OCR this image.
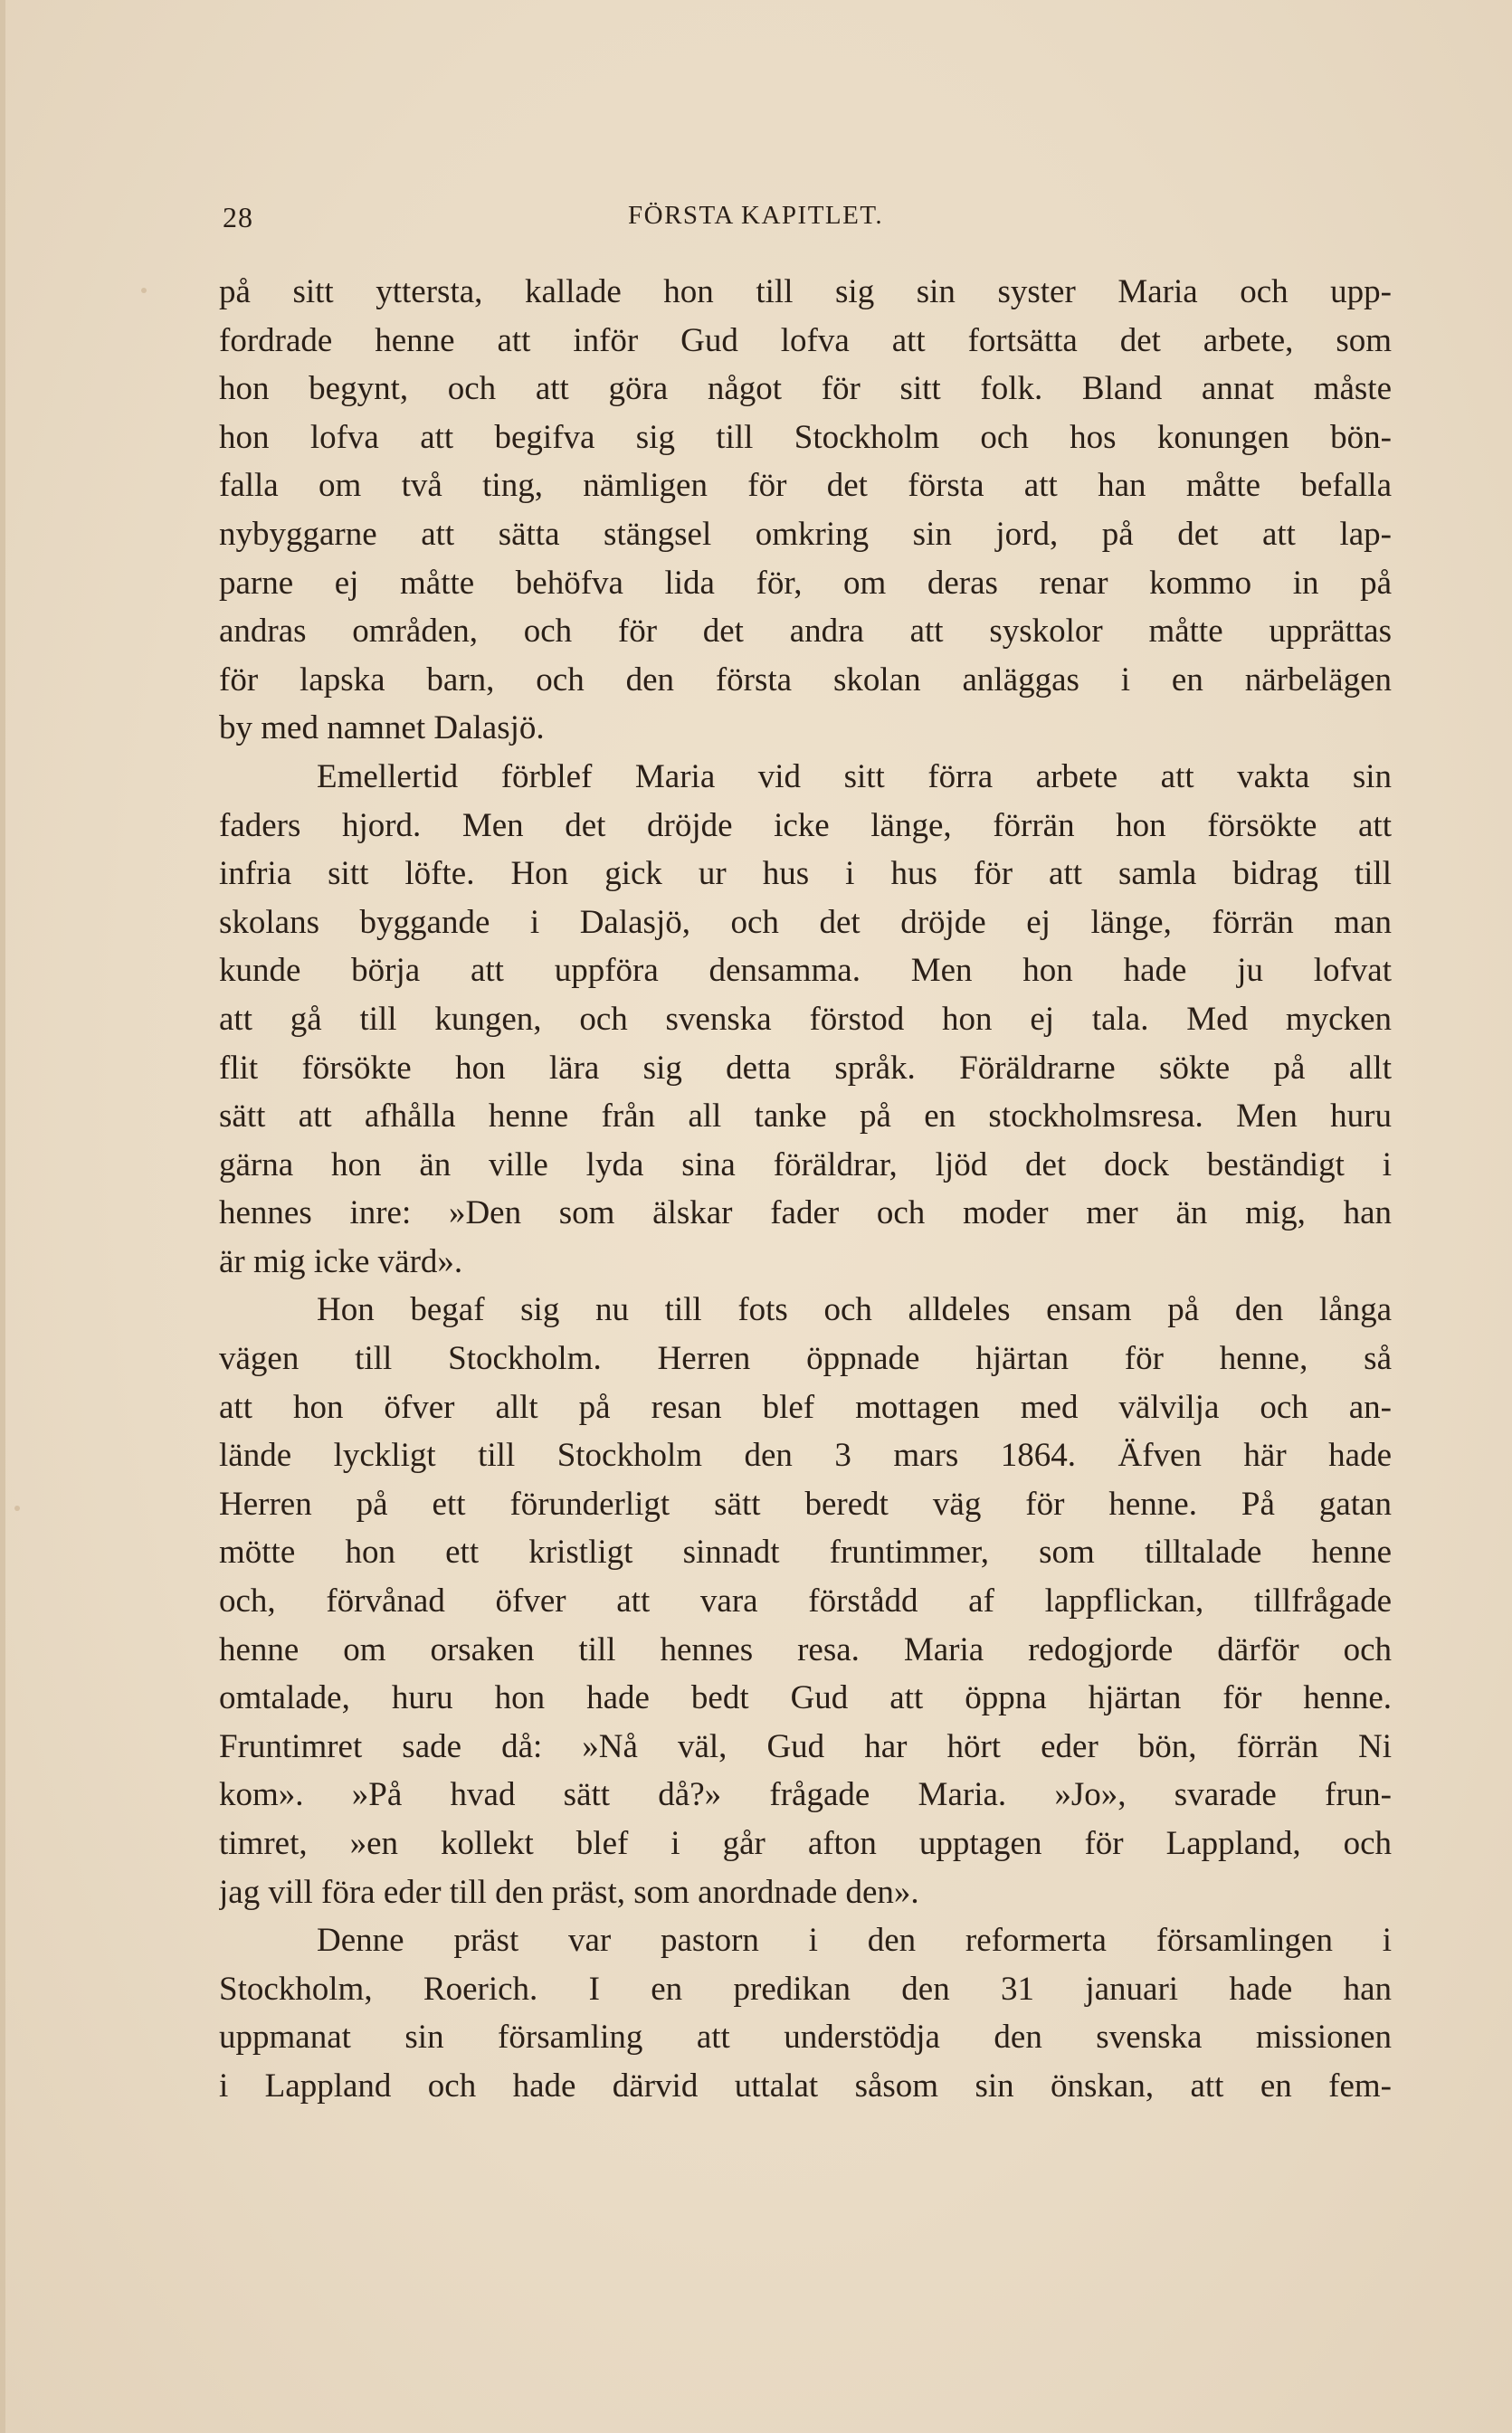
28	FÖRSTA KAPITLET.
på sitt yttersta, kallade hon till sig sin syster Maria och upp-
fordrade henne att inför Gud lofva att fortsätta det arbete, som
hon begynt, och att göra något för sitt folk. Bland annat måste
hon lofva att begifva sig till Stockholm och hos konungen bön-
falla om två ting, nämligen för det första att han måtte befalla
nybyggarne att sätta stängsel omkring sin jord, på det att lap-
parne ej måtte behöfva lida för, om deras renar kommo in på
andras områden, och för det andra att syskolor måtte upprättas
för lapska barn, och den första skolan anläggas i en närbelägen
by med namnet Dalasjö.
Emellertid förblef Maria vid sitt förra arbete att vakta sin
faders hjord. Men det dröjde icke länge, förrän hon försökte att
infria sitt löfte. Hon gick ur hus i hus för att samla bidrag till
skolans byggande i Dalasjö, och det dröjde ej länge, förrän man
kunde börja att uppföra densamma. Men hon hade ju lofvat
att gå till kungen, och svenska förstod hon ej tala. Med mycken
flit försökte hon lära sig detta språk. Föräldrarne sökte på allt
sätt att afhålla henne från all tanke på en stockholmsresa. Men huru
gärna hon än ville lyda sina föräldrar, ljöd det dock beständigt i
hennes inre: »Den som älskar fader och moder mer än mig, han
är mig icke värd».
Hon begaf sig nu till fots och alldeles ensam på den långa
vägen till Stockholm. Herren öppnade hjärtan för henne, så
att hon öfver allt på resan blef mottagen med välvilja och an-
lände lyckligt till Stockholm den 3 mars 1864. Äfven här hade
Herren på ett förunderligt sätt beredt väg för henne. På gatan
mötte hon ett kristligt sinnadt fruntimmer, som tilltalade henne
och, förvånad öfver att vara förstådd af lappflickan, tillfrågade
henne om orsaken till hennes resa. Maria redogjorde därför och
omtalade, huru hon hade bedt Gud att öppna hjärtan för henne.
Fruntimret sade då: »Nå väl, Gud har hört eder bön, förrän Ni
kom». »På hvad sätt då?» frågade Maria. »Jo», svarade frun-
timret, »en kollekt blef i går afton upptagen för Lappland, och
jag vill föra eder till den präst, som anordnade den».
Denne präst var pastorn i den reformerta församlingen i
Stockholm, Roerich. I en predikan den 31 januari hade han
uppmanat sin församling att understödja den svenska missionen
i Lappland och hade därvid uttalat såsom sin önskan, att en fem-
